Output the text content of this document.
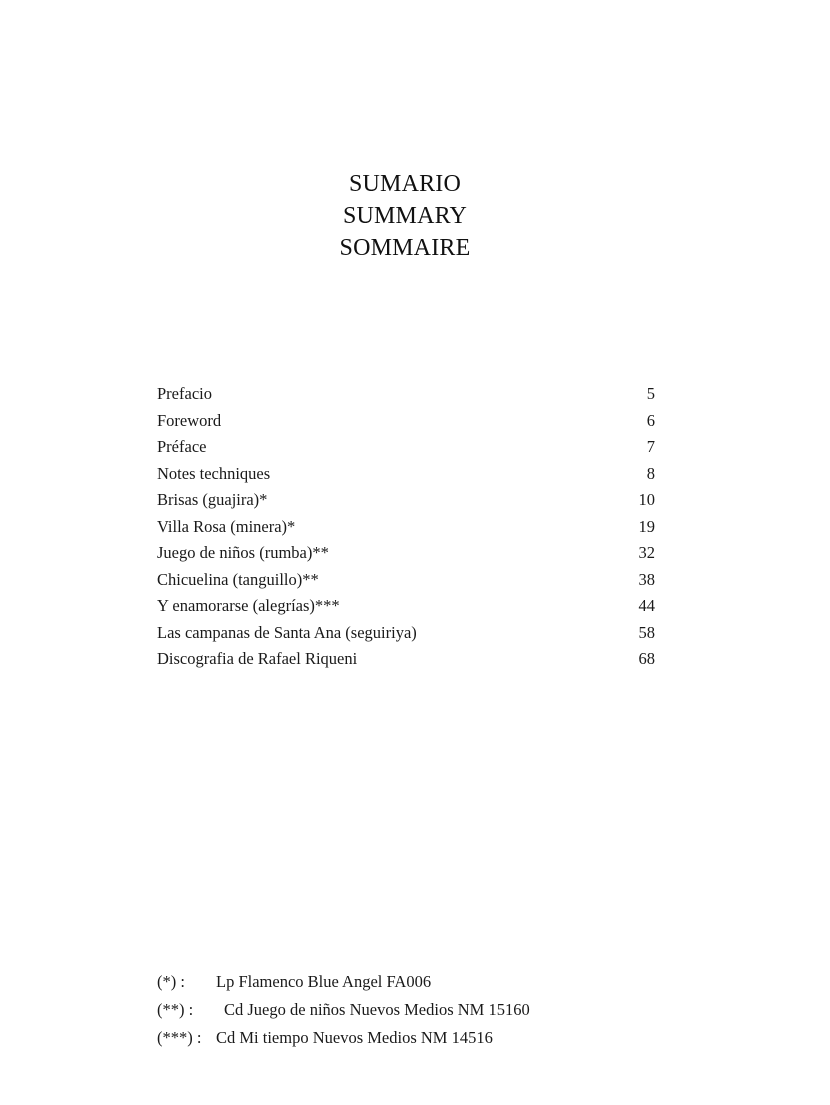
SUMARIO
SUMMARY
SOMMAIRE
Prefacio	5
Foreword	6
Préface	7
Notes techniques	8
Brisas (guajira)*	10
Villa Rosa (minera)*	19
Juego de niños (rumba)**	32
Chicuelina (tanguillo)**	38
Y enamorarse (alegrías)***	44
Las campanas de Santa Ana (seguiriya)	58
Discografia de Rafael Riqueni	68
(*) : Lp Flamenco Blue Angel FA006
(**) : Cd Juego de niños Nuevos Medios NM 15160
(***) : Cd Mi tiempo Nuevos Medios NM 14516
